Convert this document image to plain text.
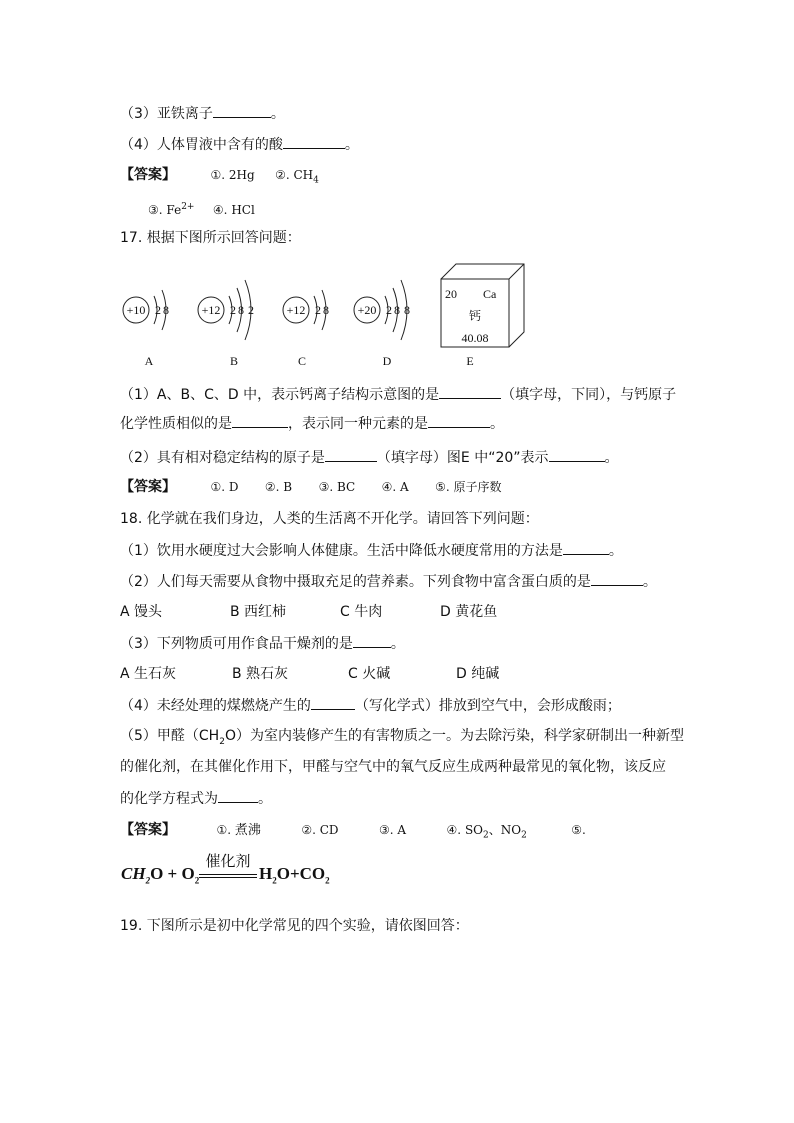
（3）亚铁离子	。
（4）人体胃液中含有的酸	。
【答案】	①. 2Hg ②. $CH_4$
③. $Fe^{2+}$ ④. HCl
17. 根据下图所示回答问题：
+10 2 8	+12 2 8 2	+12 2 8 +20 2 8 8
20 Ca
钙
40.08
A	B	C	D	E
（1）A、B、C、D 中，表示钙离子结构示意图的是	（填字母，下同），与钙原子
化学性质相似的是	，表示同一种元素的是	。
（2）具有相对稳定结构的原子是	（填字母）图E 中“20”表示	。
【答案】	①. D ②. B ③. BC ④. A ⑤. 原子序数
18. 化学就在我们身边，人类的生活离不开化学。请回答下列问题：
（1）饮用水硬度过大会影响人体健康。生活中降低水硬度常用的方法是	。
（2）人们每天需要从食物中摄取充足的营养素。下列食物中富含蛋白质的是	。
A 馒头	B 西红柿	C 牛肉	D 黄花鱼
（3）下列物质可用作食品干燥剂的是	。
A 生石灰	B 熟石灰	C 火碱	D 纯碱
（4）未经处理的煤燃烧产生的	（写化学式）排放到空气中，会形成酸雨；
（5）甲醛$(CH_2O)$为室内装修产生的有害物质之一。为去除污染，科学家研制出一种新型
的催化剂，在其催化作用下，甲醛与空气中的氧气反应生成两种最常见的氧化物，该反应
的化学方程式为	。
【答案】	①. 煮沸	②. CD	③. A	④. $SO_2$、$NO_2$	⑤.
$CH_2O + O_2$
催化剂
$H_2O+CO_2$
19. 下图所示是初中化学常见的四个实验，请依图回答：
